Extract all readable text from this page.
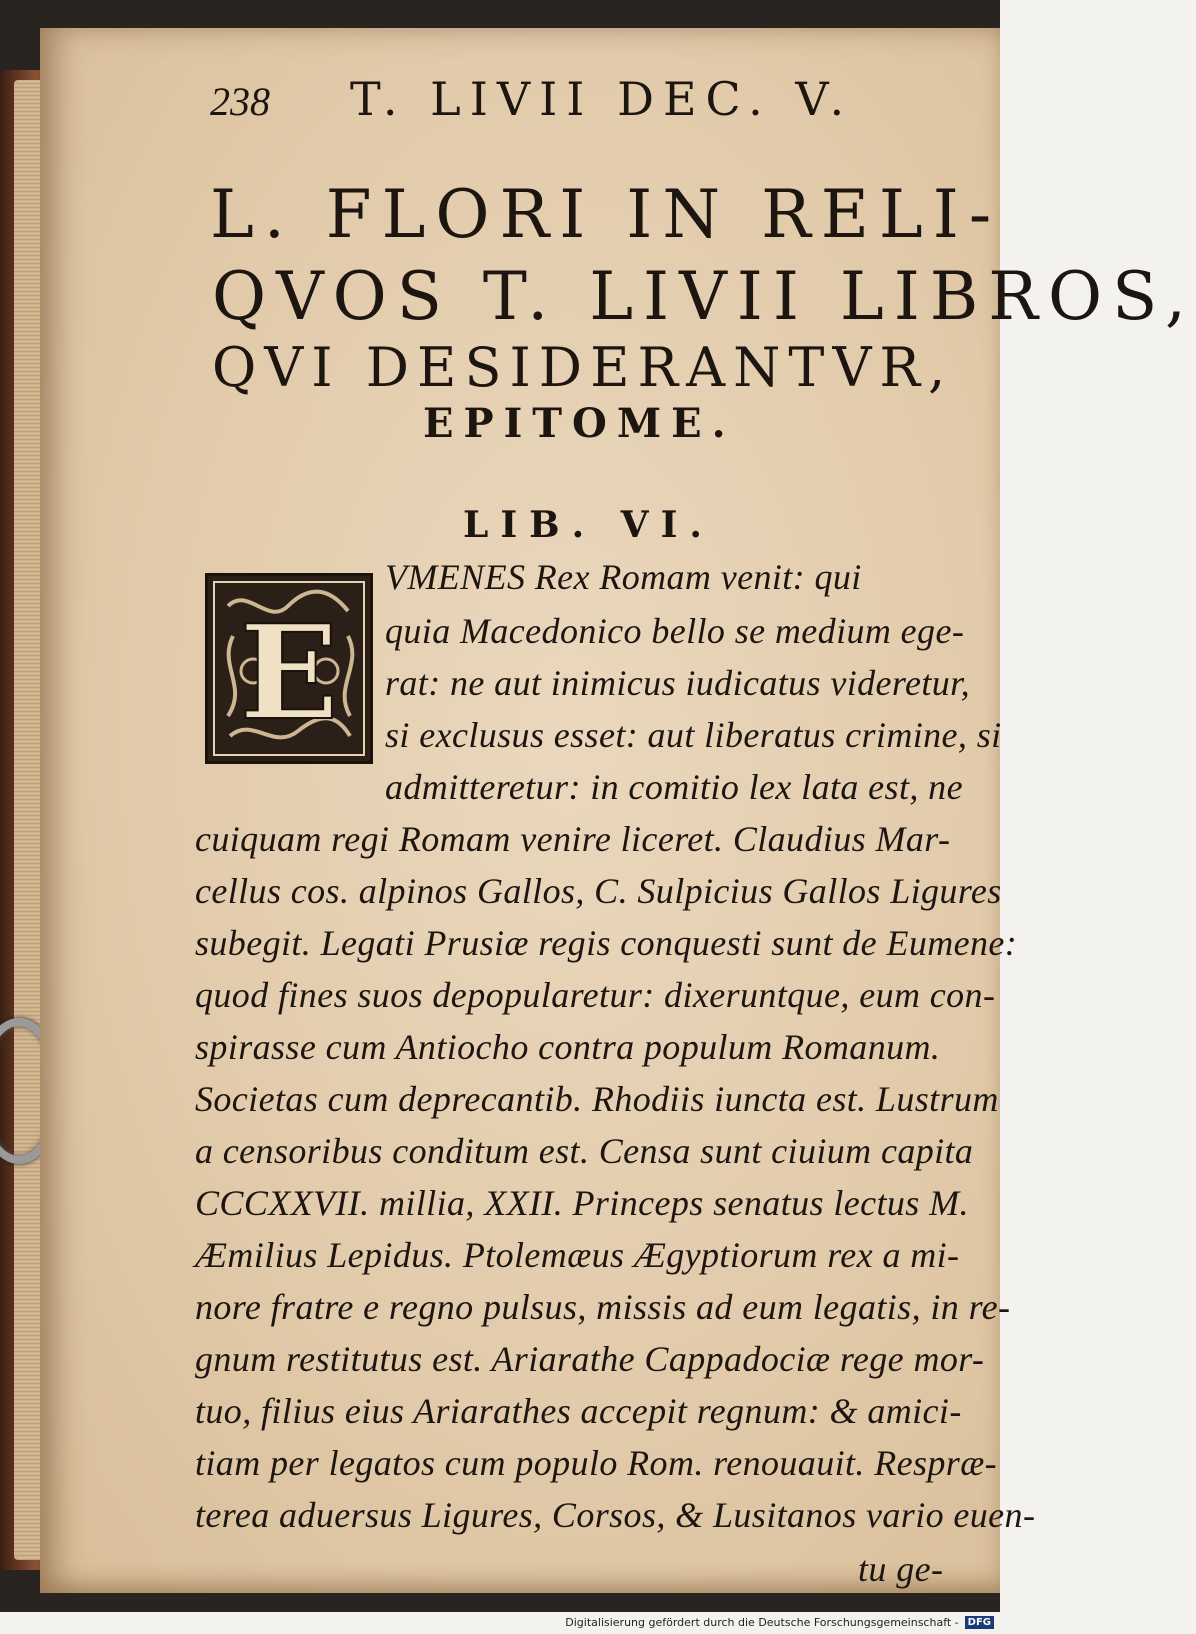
238 T. LIVII DEC. V.
L. FLORI IN RELI-
QVOS T. LIVII LIBROS,
QVI DESIDERANTVR,
EPITOME.
LIB. VI.
E
VMENES Rex Romam venit: qui
quia Macedonico bello se medium ege-
rat: ne aut inimicus iudicatus videretur,
si exclusus esset: aut liberatus crimine, si
admitteretur: in comitio lex lata est, ne
cuiquam regi Romam venire liceret. Claudius Mar-
cellus cos. alpinos Gallos, C. Sulpicius Gallos Ligures
subegit. Legati Prusiæ regis conquesti sunt de Eumene:
quod fines suos depopularetur: dixeruntque, eum con-
spirasse cum Antiocho contra populum Romanum.
Societas cum deprecantib. Rhodiis iuncta est. Lustrum
a censoribus conditum est. Censa sunt ciuium capita
CCCXXVII. millia, XXII. Princeps senatus lectus M.
Æmilius Lepidus. Ptolemæus Ægyptiorum rex a mi-
nore fratre e regno pulsus, missis ad eum legatis, in re-
gnum restitutus est. Ariarathe Cappadociæ rege mor-
tuo, filius eius Ariarathes accepit regnum: & amici-
tiam per legatos cum populo Rom. renouauit. Respræ-
terea aduersus Ligures, Corsos, & Lusitanos vario euen-
tu ge-
Digitalisierung gefördert durch die Deutsche Forschungsgemeinschaft - DFG
